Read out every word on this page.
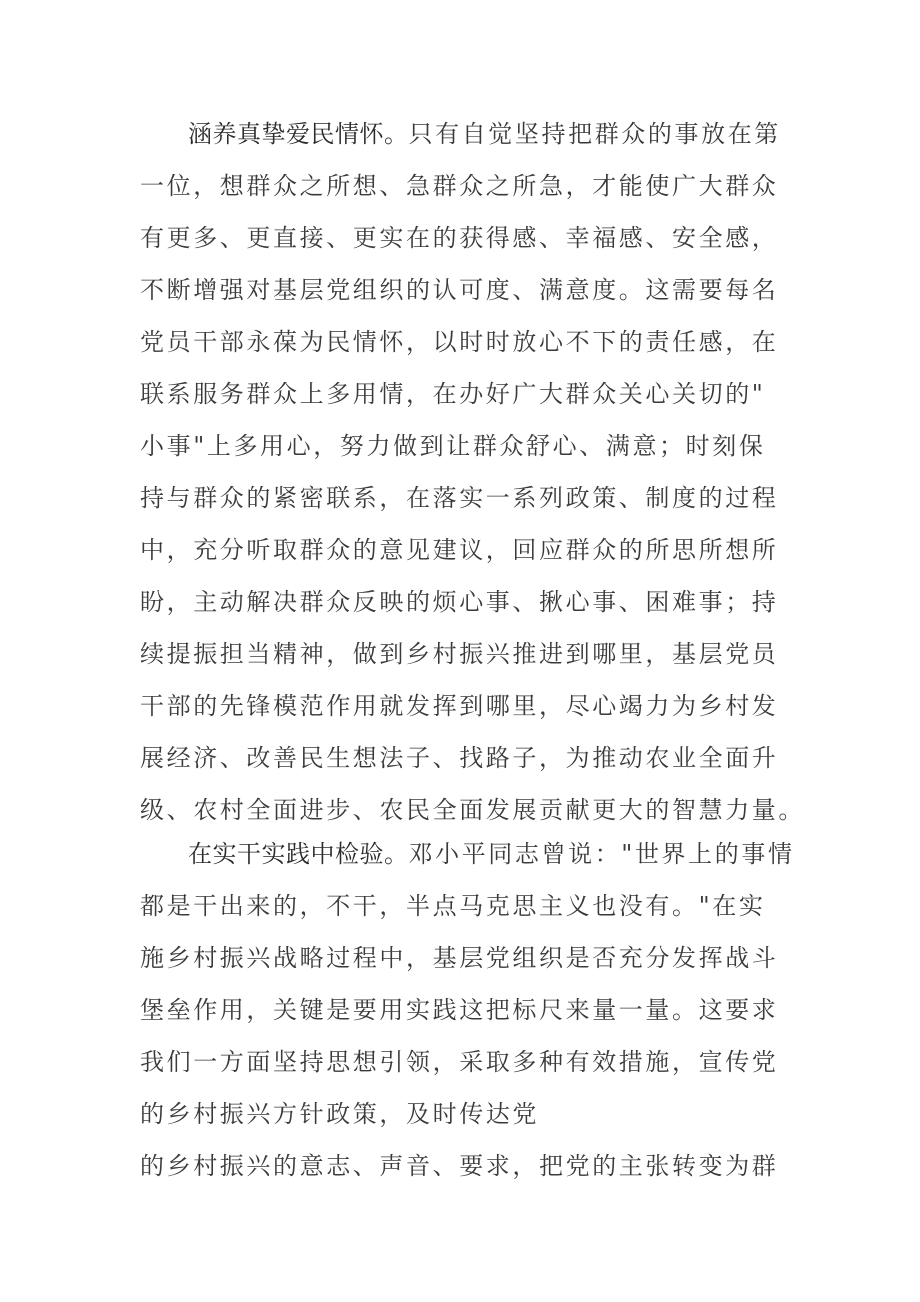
涵养真挚爱民情怀。只有自觉坚持把群众的事放在第
一位，想群众之所想、急群众之所急，才能使广大群众
有更多、更直接、更实在的获得感、幸福感、安全感，
不断增强对基层党组织的认可度、满意度。这需要每名
党员干部永葆为民情怀，以时时放心不下的责任感，在
联系服务群众上多用情，在办好广大群众关心关切的"
小事"上多用心，努力做到让群众舒心、满意；时刻保
持与群众的紧密联系，在落实一系列政策、制度的过程
中，充分听取群众的意见建议，回应群众的所思所想所
盼，主动解决群众反映的烦心事、揪心事、困难事；持
续提振担当精神，做到乡村振兴推进到哪里，基层党员
干部的先锋模范作用就发挥到哪里，尽心竭力为乡村发
展经济、改善民生想法子、找路子，为推动农业全面升
级、农村全面进步、农民全面发展贡献更大的智慧力量。
在实干实践中检验。邓小平同志曾说："世界上的事情
都是干出来的，不干，半点马克思主义也没有。"在实
施乡村振兴战略过程中，基层党组织是否充分发挥战斗
堡垒作用，关键是要用实践这把标尺来量一量。这要求
我们一方面坚持思想引领，采取多种有效措施，宣传党
的乡村振兴方针政策，及时传达党
的乡村振兴的意志、声音、要求，把党的主张转变为群
